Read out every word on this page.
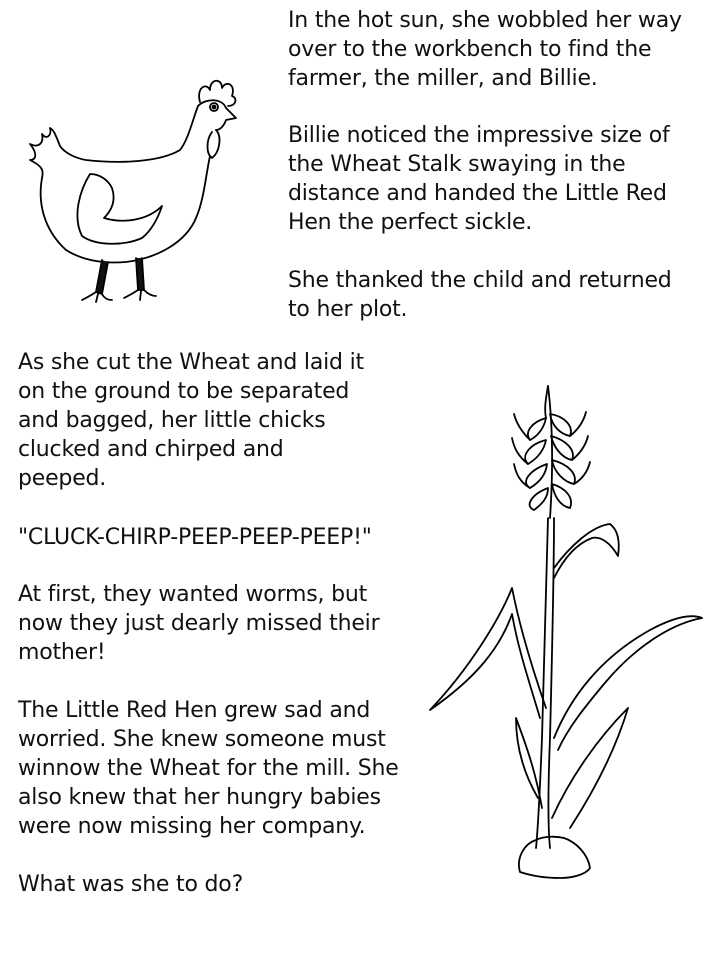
In the hot sun, she wobbled her way
over to the workbench to find the
farmer, the miller, and Billie.

Billie noticed the impressive size of
the Wheat Stalk swaying in the
distance and handed the Little Red
Hen the perfect sickle.

She thanked the child and returned
to her plot.

As she cut the Wheat and laid it
on the ground to be separated
and bagged, her little chicks
clucked and chirped and
peeped.

"CLUCK-CHIRP-PEEP-PEEP-PEEP!"

At first, they wanted worms, but
now they just dearly missed their
mother!

The Little Red Hen grew sad and
worried. She knew someone must
winnow the Wheat for the mill. She
also knew that her hungry babies
were now missing her company.

What was she to do?
